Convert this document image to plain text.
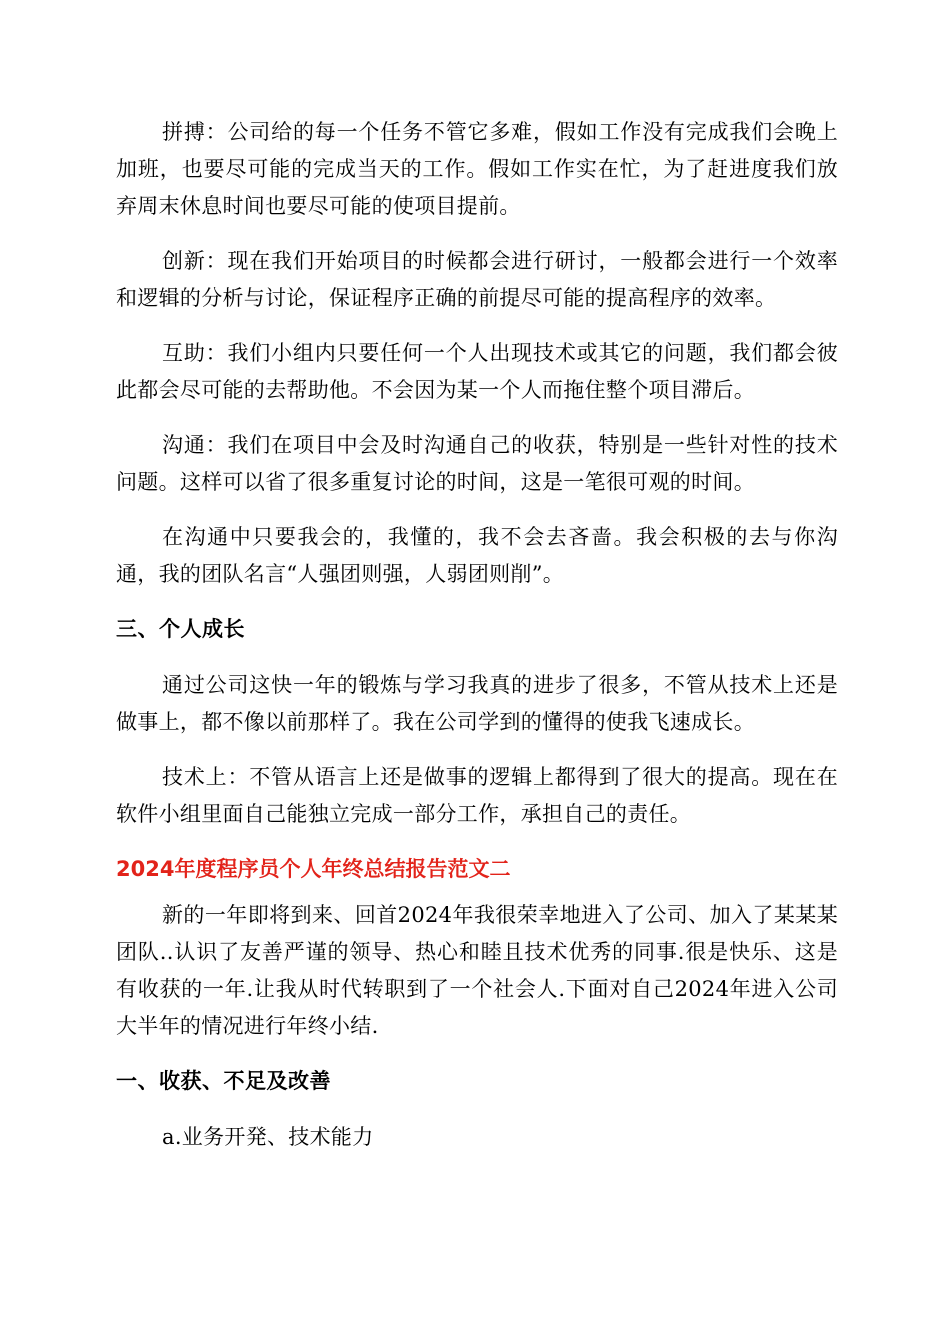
拼搏：公司给的每一个任务不管它多难，假如工作没有完成我们会晚上加班，也要尽可能的完成当天的工作。假如工作实在忙，为了赶进度我们放弃周末休息时间也要尽可能的使项目提前。

创新：现在我们开始项目的时候都会进行研讨，一般都会进行一个效率和逻辑的分析与讨论，保证程序正确的前提尽可能的提高程序的效率。

互助：我们小组内只要任何一个人出现技术或其它的问题，我们都会彼此都会尽可能的去帮助他。不会因为某一个人而拖住整个项目滞后。

沟通：我们在项目中会及时沟通自己的收获，特别是一些针对性的技术问题。这样可以省了很多重复讨论的时间，这是一笔很可观的时间。

在沟通中只要我会的，我懂的，我不会去吝啬。我会积极的去与你沟通，我的团队名言“人强团则强，人弱团则削”。

三、个人成长

通过公司这快一年的锻炼与学习我真的进步了很多，不管从技术上还是做事上，都不像以前那样了。我在公司学到的懂得的使我飞速成长。

技术上：不管从语言上还是做事的逻辑上都得到了很大的提高。现在在软件小组里面自己能独立完成一部分工作，承担自己的责任。

2024年度程序员个人年终总结报告范文二

新的一年即将到来、回首2024年我很荣幸地进入了公司、加入了某某某团队..认识了友善严谨的领导、热心和睦且技术优秀的同事.很是快乐、这是有收获的一年.让我从时代转职到了一个社会人.下面对自己2024年进入公司大半年的情况进行年终小结.

一、收获、不足及改善

a.业务开発、技术能力
